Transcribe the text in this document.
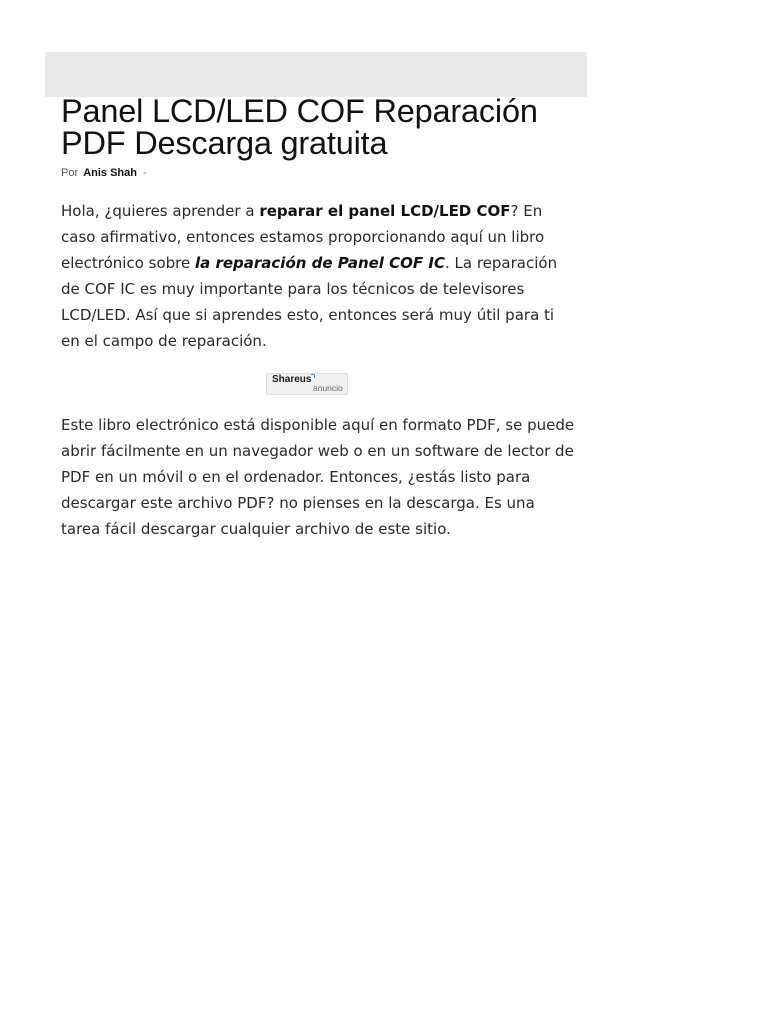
Panel LCD/LED COF Reparación
PDF Descarga gratuita
Por Anis Shah -

Hola, ¿quieres aprender a reparar el panel LCD/LED COF? En caso afirmativo, entonces estamos proporcionando aquí un libro electrónico sobre la reparación de Panel COF IC. La reparación de COF IC es muy importante para los técnicos de televisores LCD/LED. Así que si aprendes esto, entonces será muy útil para ti en el campo de reparación.

Shareus
anuncio

Este libro electrónico está disponible aquí en formato PDF, se puede abrir fácilmente en un navegador web o en un software de lector de PDF en un móvil o en el ordenador. Entonces, ¿estás listo para descargar este archivo PDF? no pienses en la descarga. Es una tarea fácil descargar cualquier archivo de este sitio.
